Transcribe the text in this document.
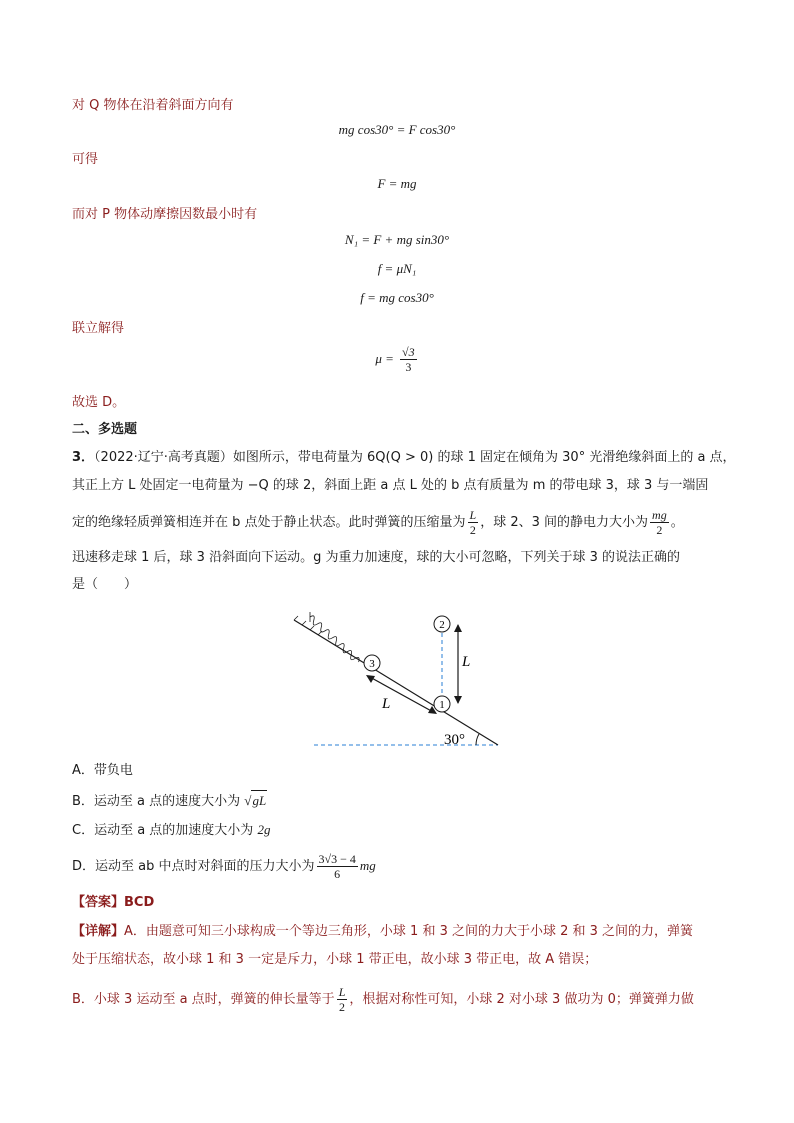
对 Q 物体在沿着斜面方向有
mg cos30° = F cos30°
可得
F = mg
而对 P 物体动摩擦因数最小时有
N₁ = F + mg sin30°
f = μN₁
f = mg cos30°
联立解得
$\mu = \frac{√3}{3}$
故选 D。
二、多选题
3．（2022·辽宁·高考真题）如图所示，带电荷量为 6Q(Q > 0) 的球 1 固定在倾角为 30° 光滑绝缘斜面上的 a 点，
其正上方 L 处固定一电荷量为 −Q 的球 2，斜面上距 a 点 L 处的 b 点有质量为 m 的带电球 3，球 3 与一端固
定的绝缘轻质弹簧相连并在 b 点处于静止状态。此时弹簧的压缩量为 $\frac{L}{2}$ ，球 2、3 间的静电力大小为 $\frac{mg}{2}$ 。
迅速移走球 1 后，球 3 沿斜面向下运动。g 为重力加速度，球的大小可忽略，下列关于球 3 的说法正确的
是（　　）
3
1
2
L
L
30°
A．带负电
B．运动至 a 点的速度大小为 √gL
C．运动至 a 点的加速度大小为 2g
D．运动至 ab 中点时对斜面的压力大小为 $\frac{3√3 - 4}{6}$ mg
【答案】BCD
【详解】A．由题意可知三小球构成一个等边三角形，小球 1 和 3 之间的力大于小球 2 和 3 之间的力，弹簧
处于压缩状态，故小球 1 和 3 一定是斥力，小球 1 带正电，故小球 3 带正电，故 A 错误；
B．小球 3 运动至 a 点时，弹簧的伸长量等于 $\frac{L}{2}$ ，根据对称性可知，小球 2 对小球 3 做功为 0；弹簧弹力做
